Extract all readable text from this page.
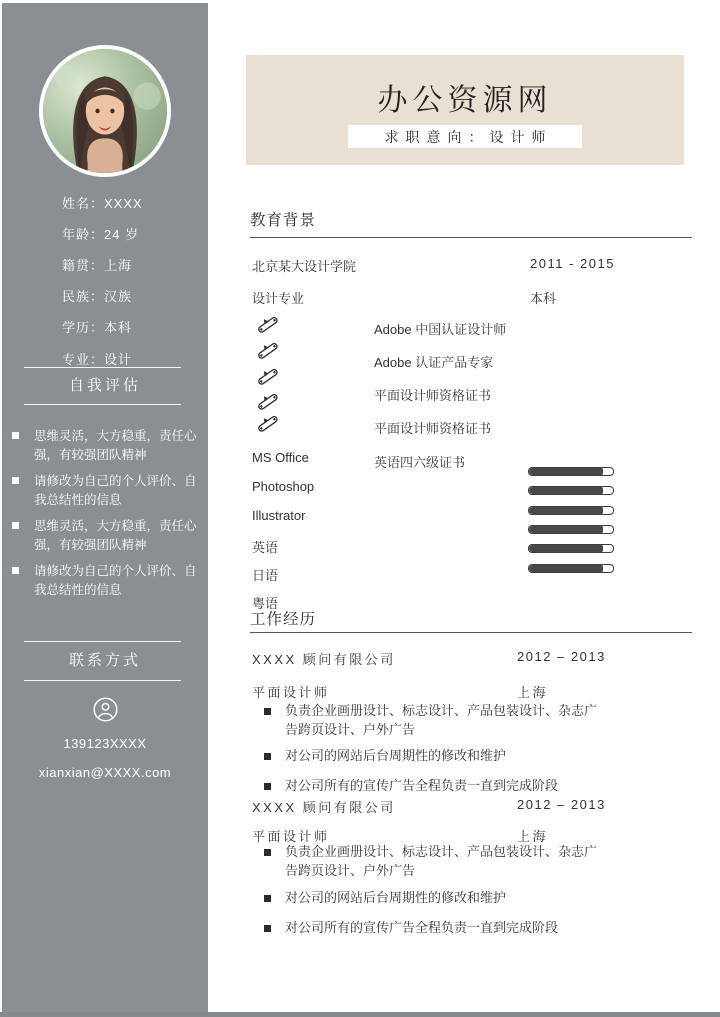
姓名：XXXX
年龄：24 岁
籍贯：上海
民族：汉族
学历：本科
专业：设计
自我评估
思维灵活，大方稳重，责任心强，有较强团队精神
请修改为自己的个人评价、自我总结性的信息
思维灵活，大方稳重，责任心强，有较强团队精神
请修改为自己的个人评价、自我总结性的信息
联系方式
139123XXXX
xianxian@XXXX.com
办公资源网
求职意向：设计师
教育背景
北京某大设计学院	2011 - 2015
设计专业	本科
Adobe 中国认证设计师
Adobe 认证产品专家
平面设计师资格证书
平面设计师资格证书
英语四六级证书
MS Office
Photoshop
Illustrator
英语
日语
粤语
工作经历
XXXX 顾问有限公司	2012 – 2013
平面设计师	上海
负责企业画册设计、标志设计、产品包装设计、杂志广告跨页设计、户外广告
对公司的网站后台周期性的修改和维护
对公司所有的宣传广告全程负责一直到完成阶段
XXXX 顾问有限公司	2012 – 2013
平面设计师	上海
负责企业画册设计、标志设计、产品包装设计、杂志广告跨页设计、户外广告
对公司的网站后台周期性的修改和维护
对公司所有的宣传广告全程负责一直到完成阶段
